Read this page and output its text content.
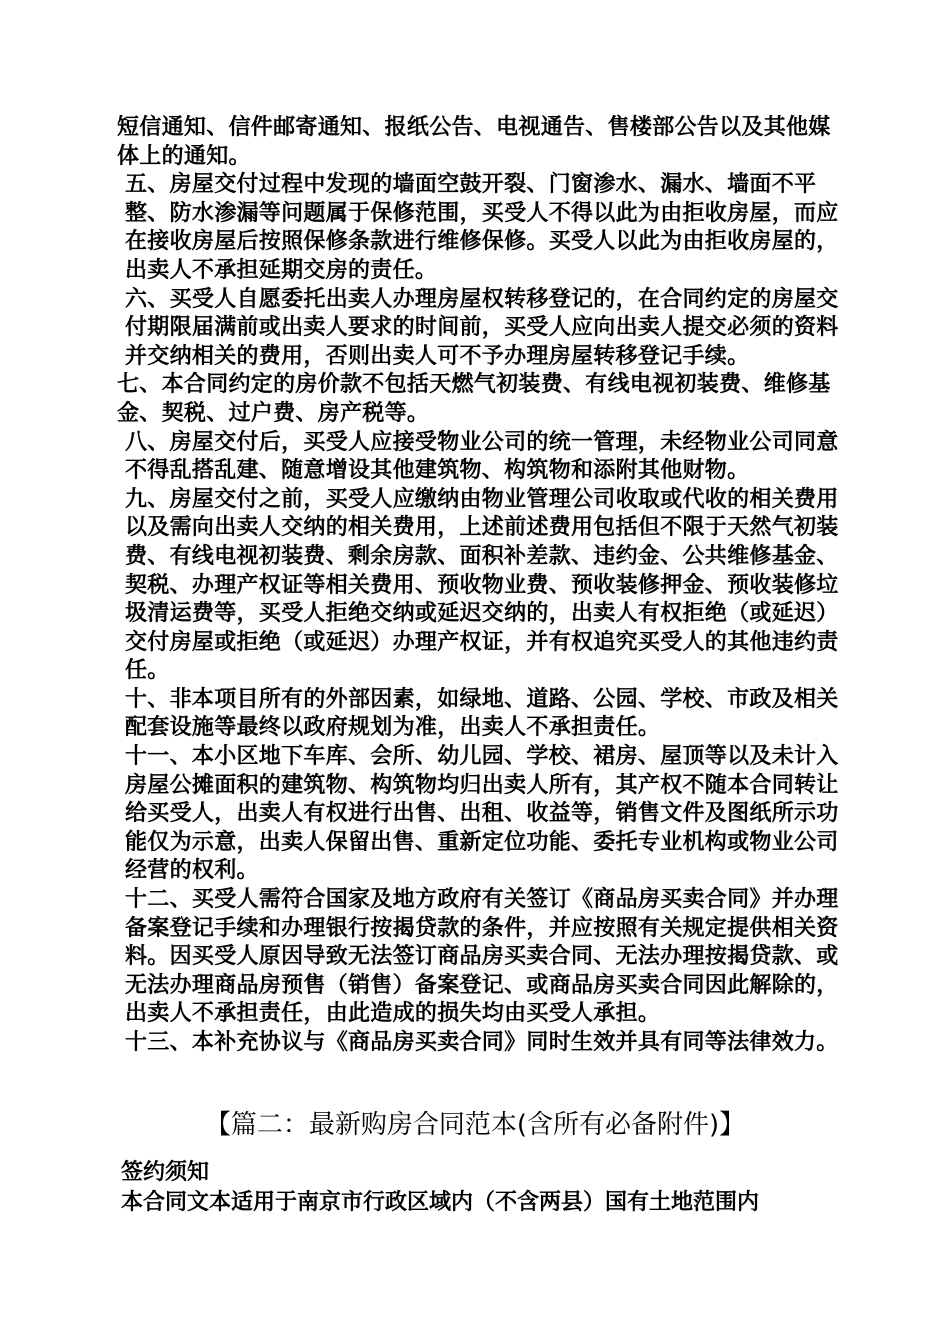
短信通知、信件邮寄通知、报纸公告、电视通告、售楼部公告以及其他媒体上的通知。

五、房屋交付过程中发现的墙面空鼓开裂、门窗渗水、漏水、墙面不平整、防水渗漏等问题属于保修范围，买受人不得以此为由拒收房屋，而应在接收房屋后按照保修条款进行维修保修。买受人以此为由拒收房屋的，出卖人不承担延期交房的责任。

六、买受人自愿委托出卖人办理房屋权转移登记的，在合同约定的房屋交付期限届满前或出卖人要求的时间前，买受人应向出卖人提交必须的资料并交纳相关的费用，否则出卖人可不予办理房屋转移登记手续。

七、本合同约定的房价款不包括天燃气初装费、有线电视初装费、维修基金、契税、过户费、房产税等。

八、房屋交付后，买受人应接受物业公司的统一管理，未经物业公司同意不得乱搭乱建、随意增设其他建筑物、构筑物和添附其他财物。

九、房屋交付之前，买受人应缴纳由物业管理公司收取或代收的相关费用以及需向出卖人交纳的相关费用，上述前述费用包括但不限于天然气初装费、有线电视初装费、剩余房款、面积补差款、违约金、公共维修基金、契税、办理产权证等相关费用、预收物业费、预收装修押金、预收装修垃圾清运费等，买受人拒绝交纳或延迟交纳的，出卖人有权拒绝（或延迟）交付房屋或拒绝（或延迟）办理产权证，并有权追究买受人的其他违约责任。

十、非本项目所有的外部因素，如绿地、道路、公园、学校、市政及相关配套设施等最终以政府规划为准，出卖人不承担责任。

十一、本小区地下车库、会所、幼儿园、学校、裙房、屋顶等以及未计入房屋公摊面积的建筑物、构筑物均归出卖人所有，其产权不随本合同转让给买受人，出卖人有权进行出售、出租、收益等，销售文件及图纸所示功能仅为示意，出卖人保留出售、重新定位功能、委托专业机构或物业公司经营的权利。

十二、买受人需符合国家及地方政府有关签订《商品房买卖合同》并办理备案登记手续和办理银行按揭贷款的条件，并应按照有关规定提供相关资料。因买受人原因导致无法签订商品房买卖合同、无法办理按揭贷款、或无法办理商品房预售（销售）备案登记、或商品房买卖合同因此解除的，出卖人不承担责任，由此造成的损失均由买受人承担。

十三、本补充协议与《商品房买卖合同》同时生效并具有同等法律效力。

【篇二：最新购房合同范本(含所有必备附件)】
签约须知
本合同文本适用于南京市行政区域内（不含两县）国有土地范围内
